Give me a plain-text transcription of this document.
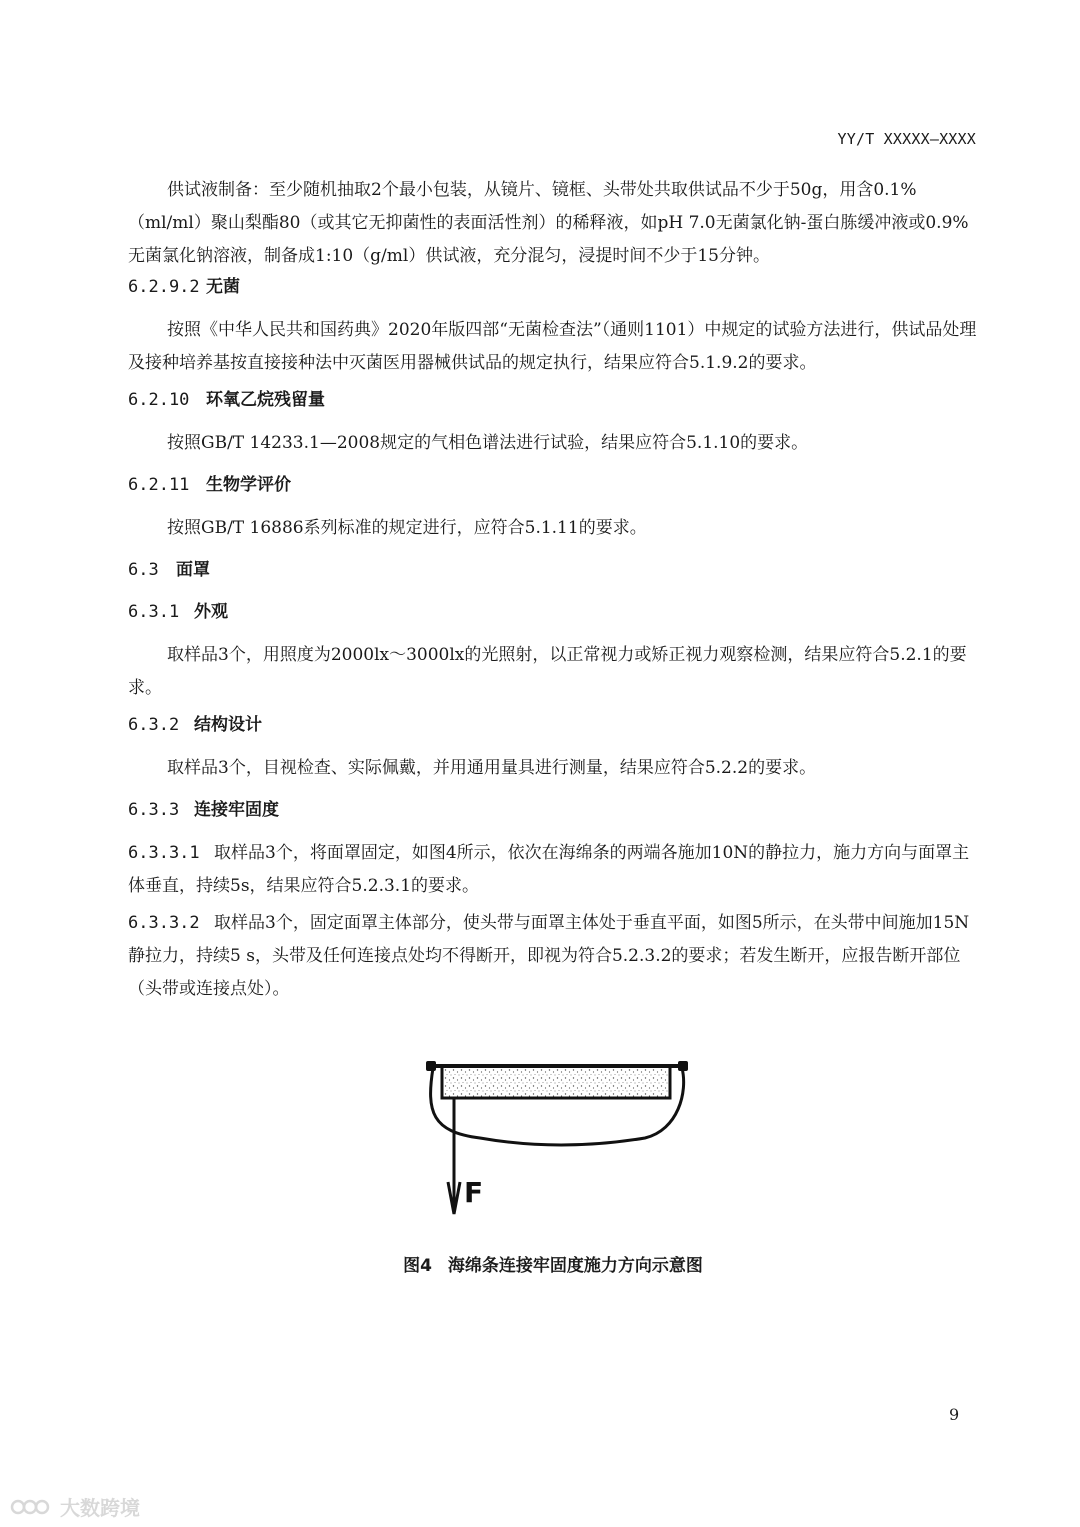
YY/T XXXXX—XXXX

供试液制备：至少随机抽取2个最小包装，从镜片、镜框、头带处共取供试品不少于50g，用含0.1%（ml/ml）聚山梨酯80（或其它无抑菌性的表面活性剂）的稀释液，如pH 7.0无菌氯化钠-蛋白胨缓冲液或0.9%无菌氯化钠溶液，制备成1:10（g/ml）供试液，充分混匀，浸提时间不少于15分钟。

6.2.9.2 无菌

按照《中华人民共和国药典》2020年版四部“无菌检查法”（通则1101）中规定的试验方法进行，供试品处理及接种培养基按直接接种法中灭菌医用器械供试品的规定执行，结果应符合5.1.9.2的要求。

6.2.10 环氧乙烷残留量

按照GB/T 14233.1—2008规定的气相色谱法进行试验，结果应符合5.1.10的要求。

6.2.11 生物学评价

按照GB/T 16886系列标准的规定进行，应符合5.1.11的要求。

6.3 面罩
6.3.1 外观

取样品3个，用照度为2000lx～3000lx的光照射，以正常视力或矫正视力观察检测，结果应符合5.2.1的要求。

6.3.2 结构设计

取样品3个，目视检查、实际佩戴，并用通用量具进行测量，结果应符合5.2.2的要求。

6.3.3 连接牢固度

6.3.3.1 取样品3个，将面罩固定，如图4所示，依次在海绵条的两端各施加10N的静拉力，施力方向与面罩主体垂直，持续5s，结果应符合5.2.3.1的要求。

6.3.3.2 取样品3个，固定面罩主体部分，使头带与面罩主体处于垂直平面，如图5所示，在头带中间施加15N静拉力，持续5 s，头带及任何连接点处均不得断开，即视为符合5.2.3.2的要求；若发生断开，应报告断开部位（头带或连接点处）。

F
图4 海绵条连接牢固度施力方向示意图
9
大数跨境
